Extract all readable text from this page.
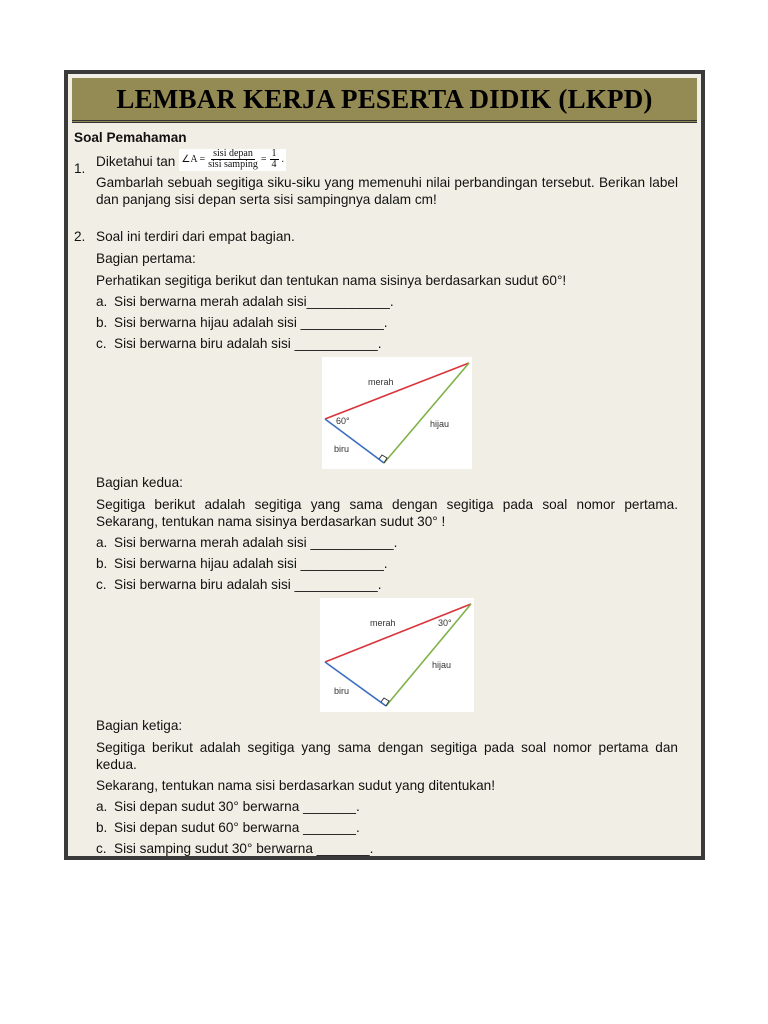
LEMBAR KERJA PESERTA DIDIK (LKPD)
Soal Pemahaman
1. Diketahui tan ∠A = $\frac{\text{sisi depan}}{\text{sisi samping}} = \frac{1}{4}$ .
Gambarlah sebuah segitiga siku-siku yang memenuhi nilai perbandingan tersebut. Berikan label dan panjang sisi depan serta sisi sampingnya dalam cm!
2. Soal ini terdiri dari empat bagian.
Bagian pertama:
Perhatikan segitiga berikut dan tentukan nama sisinya berdasarkan sudut 60°!
a. Sisi berwarna merah adalah sisi___________.
b. Sisi berwarna hijau adalah sisi ___________.
c. Sisi berwarna biru adalah sisi ___________.
merah
hijau
biru
60°
Bagian kedua:
Segitiga berikut adalah segitiga yang sama dengan segitiga pada soal nomor pertama. Sekarang, tentukan nama sisinya berdasarkan sudut 30° !
a. Sisi berwarna merah adalah sisi ___________.
b. Sisi berwarna hijau adalah sisi ___________.
c. Sisi berwarna biru adalah sisi ___________.
merah
hijau
biru
30°
Bagian ketiga:
Segitiga berikut adalah segitiga yang sama dengan segitiga pada soal nomor pertama dan kedua.
Sekarang, tentukan nama sisi berdasarkan sudut yang ditentukan!
a. Sisi depan sudut 30° berwarna _______.
b. Sisi depan sudut 60° berwarna _______.
c. Sisi samping sudut 30° berwarna _______.
